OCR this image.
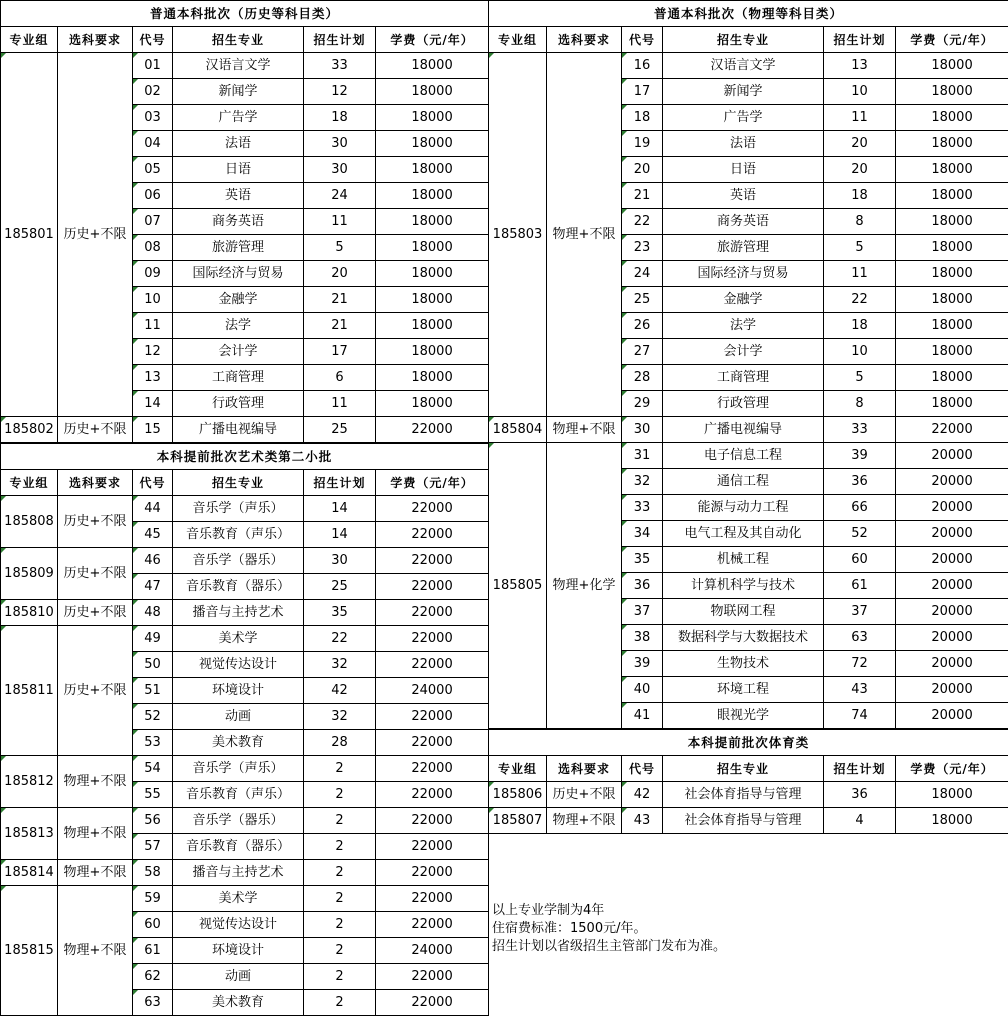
普通本科批次（历史等科目类）					
专业组	选科要求	代号	招生专业	招生计划	学费（元/年）
185801	历史+不限	01	汉语言文学	33	18000
		02	新闻学	12	18000
		03	广告学	18	18000
		04	法语	30	18000
		05	日语	30	18000
		06	英语	24	18000
		07	商务英语	11	18000
		08	旅游管理	5	18000
		09	国际经济与贸易	20	18000
		10	金融学	21	18000
		11	法学	21	18000
		12	会计学	17	18000
		13	工商管理	6	18000
		14	行政管理	11	18000
185802	历史+不限	15	广播电视编导	25	22000
本科提前批次艺术类第二小批					
专业组	选科要求	代号	招生专业	招生计划	学费（元/年）
185808	历史+不限	44	音乐学（声乐）	14	22000
		45	音乐教育（声乐）	14	22000
185809	历史+不限	46	音乐学（器乐）	30	22000
		47	音乐教育（器乐）	25	22000
185810	历史+不限	48	播音与主持艺术	35	22000
185811	历史+不限	49	美术学	22	22000
		50	视觉传达设计	32	22000
		51	环境设计	42	24000
		52	动画	32	22000
		53	美术教育	28	22000
185812	物理+不限	54	音乐学（声乐）	2	22000
		55	音乐教育（声乐）	2	22000
185813	物理+不限	56	音乐学（器乐）	2	22000
		57	音乐教育（器乐）	2	22000
185814	物理+不限	58	播音与主持艺术	2	22000
185815	物理+不限	59	美术学	2	22000
		60	视觉传达设计	2	22000
		61	环境设计	2	24000
		62	动画	2	22000
		63	美术教育	2	22000
普通本科批次（物理等科目类）					
专业组	选科要求	代号	招生专业	招生计划	学费（元/年）
185803	物理+不限	16	汉语言文学	13	18000
		17	新闻学	10	18000
		18	广告学	11	18000
		19	法语	20	18000
		20	日语	20	18000
		21	英语	18	18000
		22	商务英语	8	18000
		23	旅游管理	5	18000
		24	国际经济与贸易	11	18000
		25	金融学	22	18000
		26	法学	18	18000
		27	会计学	10	18000
		28	工商管理	5	18000
		29	行政管理	8	18000
185804	物理+不限	30	广播电视编导	33	22000
185805	物理+化学	31	电子信息工程	39	20000
		32	通信工程	36	20000
		33	能源与动力工程	66	20000
		34	电气工程及其自动化	52	20000
		35	机械工程	60	20000
		36	计算机科学与技术	61	20000
		37	物联网工程	37	20000
		38	数据科学与大数据技术	63	20000
		39	生物技术	72	20000
		40	环境工程	43	20000
		41	眼视光学	74	20000
本科提前批次体育类					
专业组	选科要求	代号	招生专业	招生计划	学费（元/年）
185806	历史+不限	42	社会体育指导与管理	36	18000
185807	物理+不限	43	社会体育指导与管理	4	18000
以上专业学制为4年
住宿费标准：1500元/年。
招生计划以省级招生主管部门发布为准。
